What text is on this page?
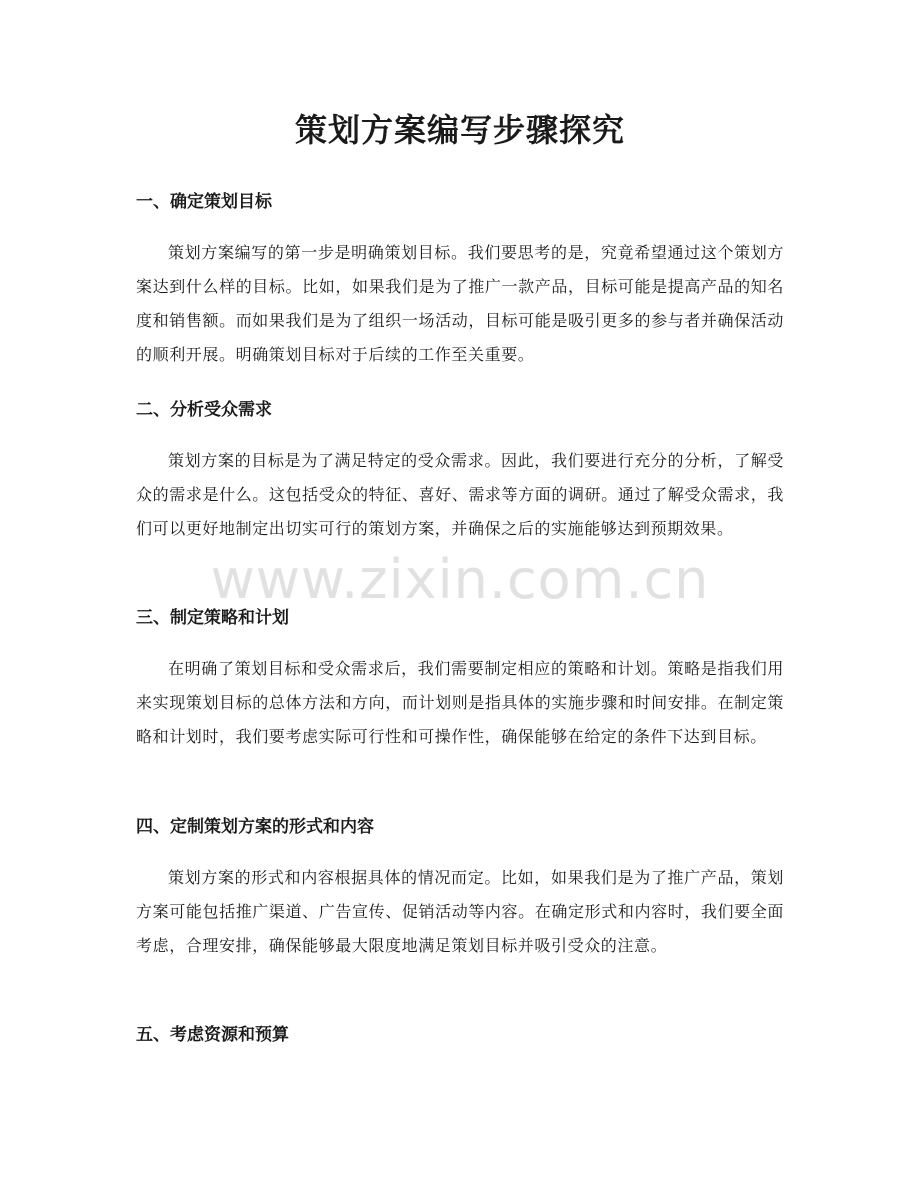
策划方案编写步骤探究
一、确定策划目标

策划方案编写的第一步是明确策划目标。我们要思考的是，究竟希望通过这个策划方案达到什么样的目标。比如，如果我们是为了推广一款产品，目标可能是提高产品的知名度和销售额。而如果我们是为了组织一场活动，目标可能是吸引更多的参与者并确保活动的顺利开展。明确策划目标对于后续的工作至关重要。

二、分析受众需求

策划方案的目标是为了满足特定的受众需求。因此，我们要进行充分的分析，了解受众的需求是什么。这包括受众的特征、喜好、需求等方面的调研。通过了解受众需求，我们可以更好地制定出切实可行的策划方案，并确保之后的实施能够达到预期效果。

三、制定策略和计划

在明确了策划目标和受众需求后，我们需要制定相应的策略和计划。策略是指我们用来实现策划目标的总体方法和方向，而计划则是指具体的实施步骤和时间安排。在制定策略和计划时，我们要考虑实际可行性和可操作性，确保能够在给定的条件下达到目标。

四、定制策划方案的形式和内容

策划方案的形式和内容根据具体的情况而定。比如，如果我们是为了推广产品，策划方案可能包括推广渠道、广告宣传、促销活动等内容。在确定形式和内容时，我们要全面考虑，合理安排，确保能够最大限度地满足策划目标并吸引受众的注意。

五、考虑资源和预算
www.zixin.com.cn
